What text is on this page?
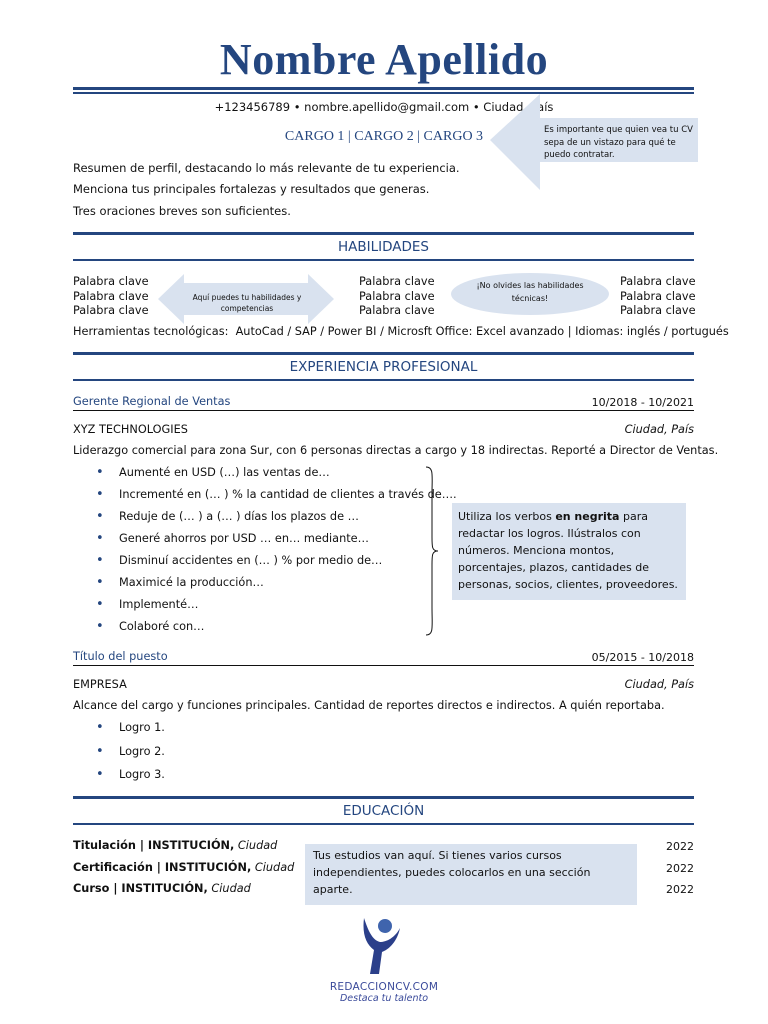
Nombre Apellido
+123456789 • nombre.apellido@gmail.com • Ciudad, País
CARGO 1 | CARGO 2 | CARGO 3	Es importante que quien vea tu CV sepa de un vistazo para qué te puedo contratar.
Resumen de perfil, destacando lo más relevante de tu experiencia.
Menciona tus principales fortalezas y resultados que generas.
Tres oraciones breves son suficientes.
HABILIDADES
Palabra clave
Palabra clave
Palabra clave
Palabra clave
Palabra clave
Palabra clave
Palabra clave
Palabra clave
Palabra clave
Aquí puedes tu habilidades y competencias
¡No olvides las habilidades técnicas!
Herramientas tecnológicas: AutoCad / SAP / Power BI / Microsft Office: Excel avanzado | Idiomas: inglés / portugués
EXPERIENCIA PROFESIONAL
Gerente Regional de Ventas	10/2018 - 10/2021
XYZ TECHNOLOGIES	Ciudad, País
Liderazgo comercial para zona Sur, con 6 personas directas a cargo y 18 indirectas. Reporté a Director de Ventas.
• Aumenté en USD (…) las ventas de…
• Incrementé en (… ) % la cantidad de clientes a través de….
• Reduje de (… ) a (… ) días los plazos de …
• Generé ahorros por USD … en… mediante…
• Disminuí accidentes en (… ) % por medio de…
• Maximicé la producción…
• Implementé…
• Colaboré con…
Utiliza los verbos en negrita para redactar los logros. Ilústralos con números. Menciona montos, porcentajes, plazos, cantidades de personas, socios, clientes, proveedores.
Título del puesto	05/2015 - 10/2018
EMPRESA	Ciudad, País
Alcance del cargo y funciones principales. Cantidad de reportes directos e indirectos. A quién reportaba.
• Logro 1.
• Logro 2.
• Logro 3.
EDUCACIÓN
Titulación | INSTITUCIÓN, Ciudad	2022
Certificación | INSTITUCIÓN, Ciudad	2022
Curso | INSTITUCIÓN, Ciudad	2022
Tus estudios van aquí. Si tienes varios cursos independientes, puedes colocarlos en una sección aparte.
REDACCIONCV.COM
Destaca tu talento
